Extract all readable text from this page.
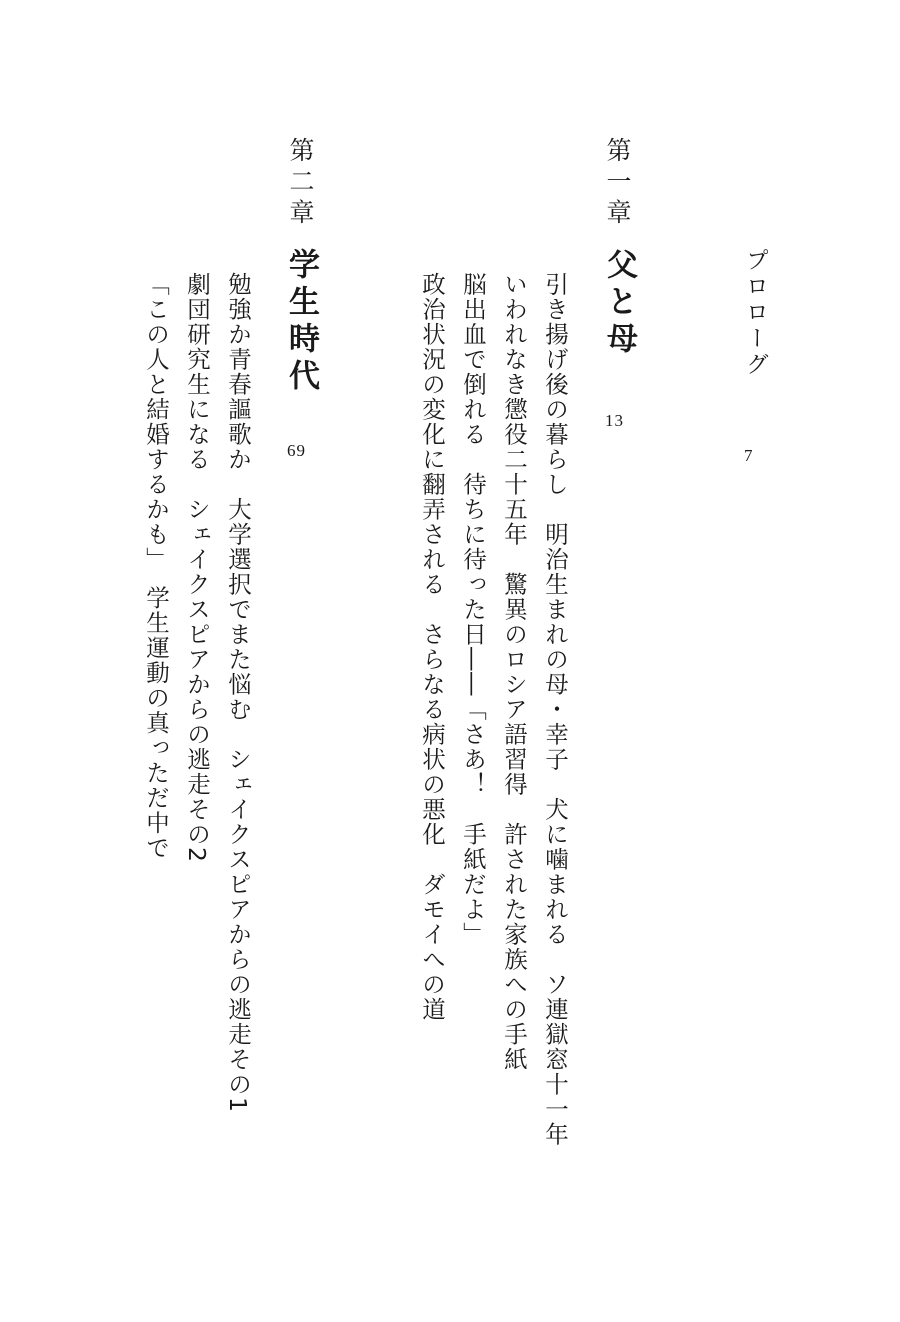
プロローグ
7
第一章
父と母
13
引き揚げ後の暮らし　明治生まれの母・幸子　犬に噛まれる　ソ連獄窓十一年
いわれなき懲役二十五年　驚異のロシア語習得　許された家族への手紙
脳出血で倒れる　待ちに待った日――「さあ！　手紙だよ」
政治状況の変化に翻弄される　さらなる病状の悪化　ダモイへの道
第二章
学生時代
69
勉強か青春謳歌か　大学選択でまた悩む　シェイクスピアからの逃走その1
劇団研究生になる　シェイクスピアからの逃走その2
「この人と結婚するかも」　学生運動の真っただ中で
